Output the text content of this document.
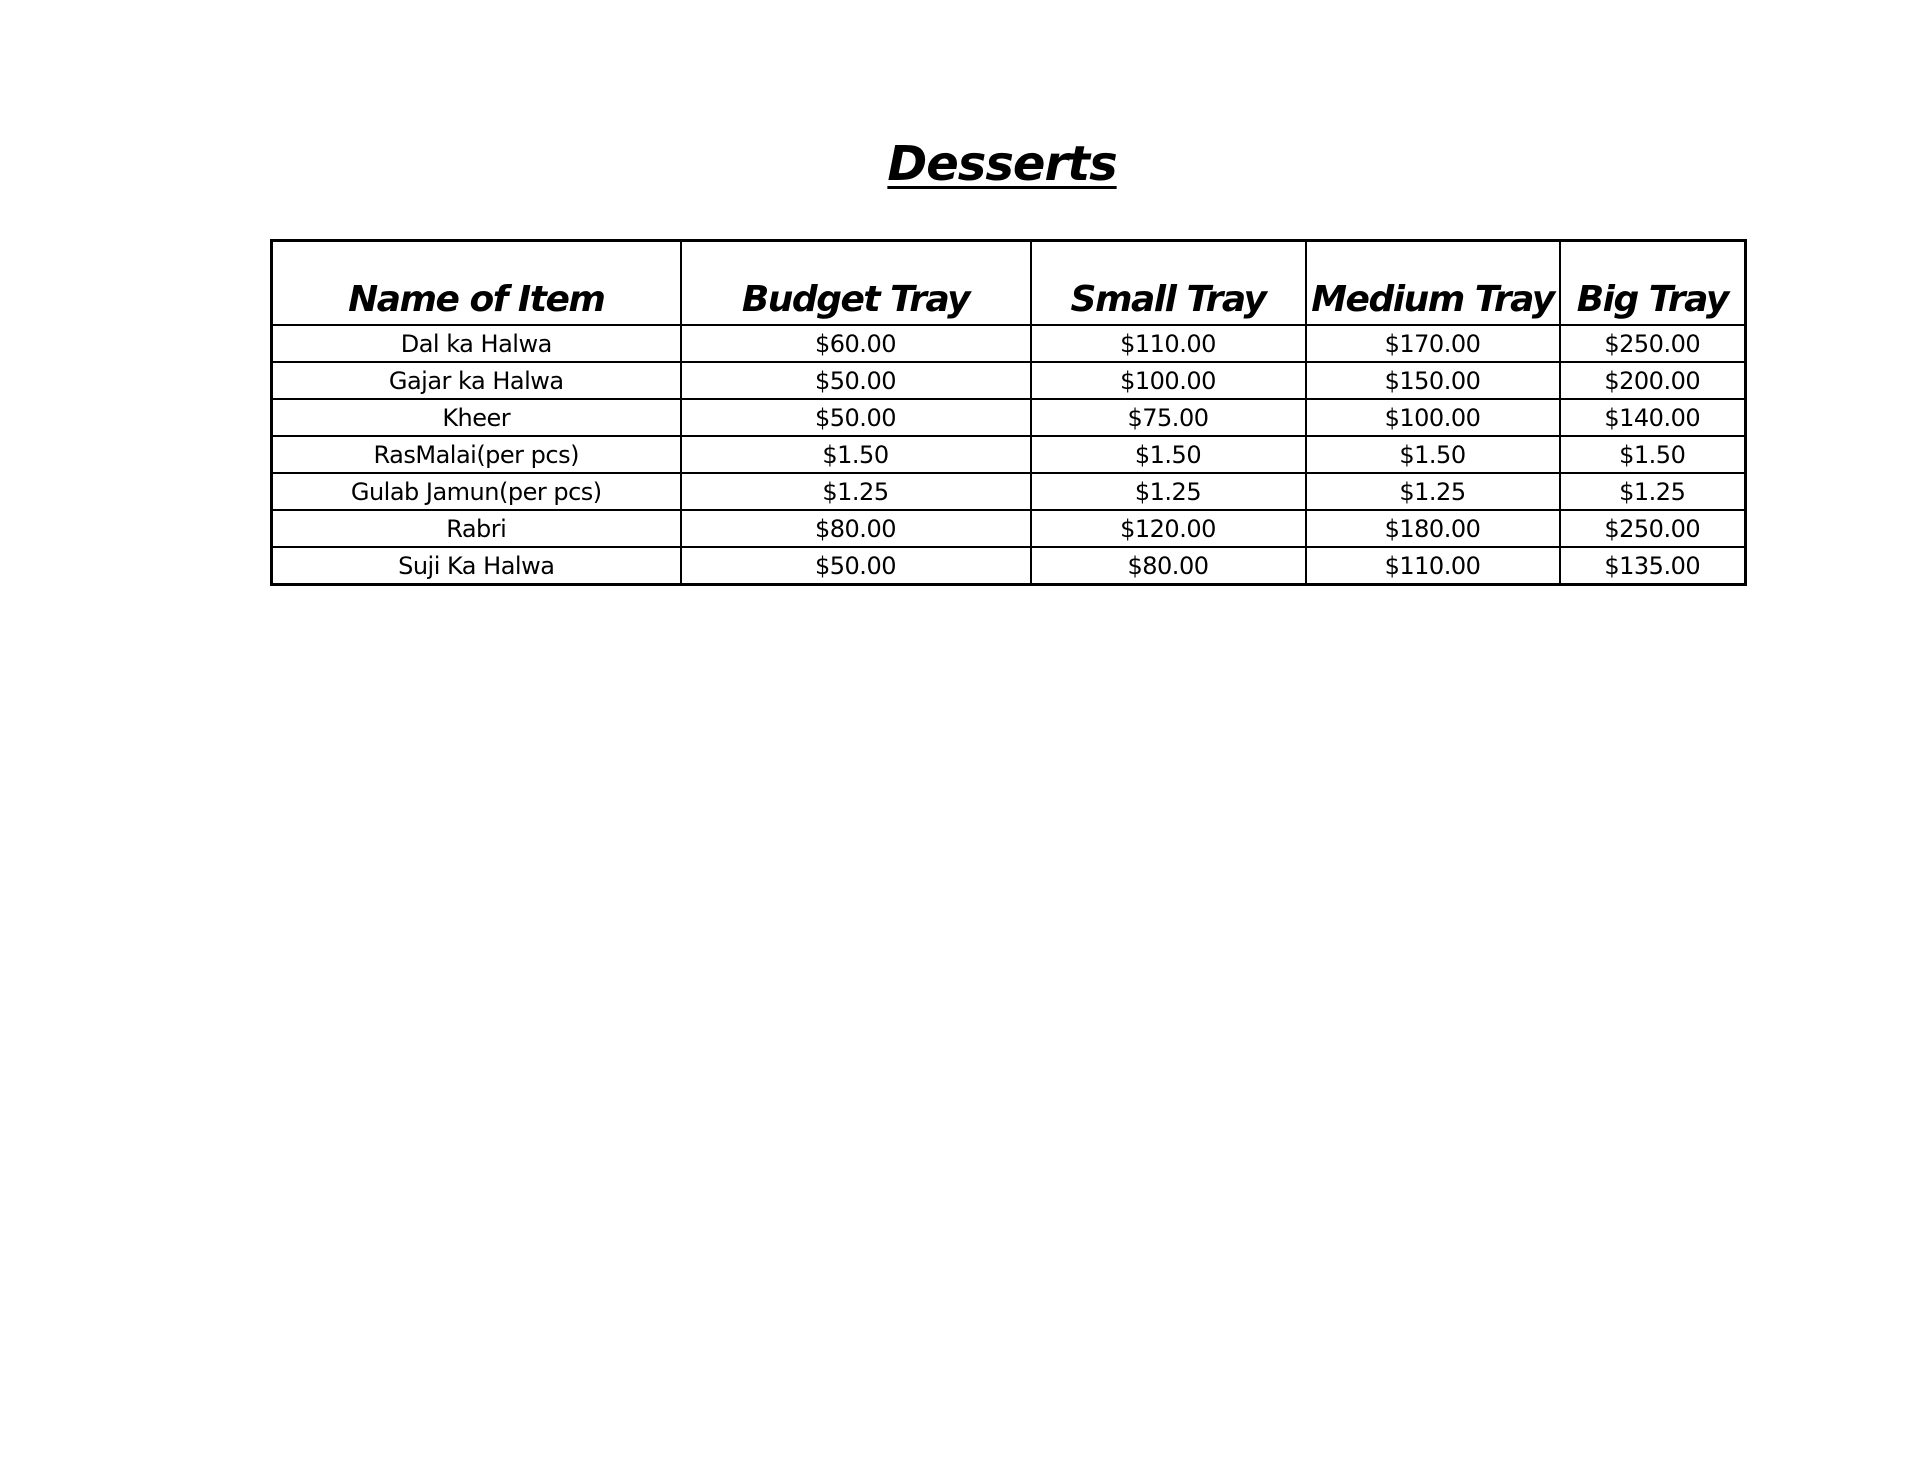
Desserts
Name of Item	Budget Tray	Small Tray	Medium Tray	Big Tray
Dal ka Halwa	$60.00	$110.00	$170.00	$250.00
Gajar ka Halwa	$50.00	$100.00	$150.00	$200.00
Kheer	$50.00	$75.00	$100.00	$140.00
RasMalai(per pcs)	$1.50	$1.50	$1.50	$1.50
Gulab Jamun(per pcs)	$1.25	$1.25	$1.25	$1.25
Rabri	$80.00	$120.00	$180.00	$250.00
Suji Ka Halwa	$50.00	$80.00	$110.00	$135.00
